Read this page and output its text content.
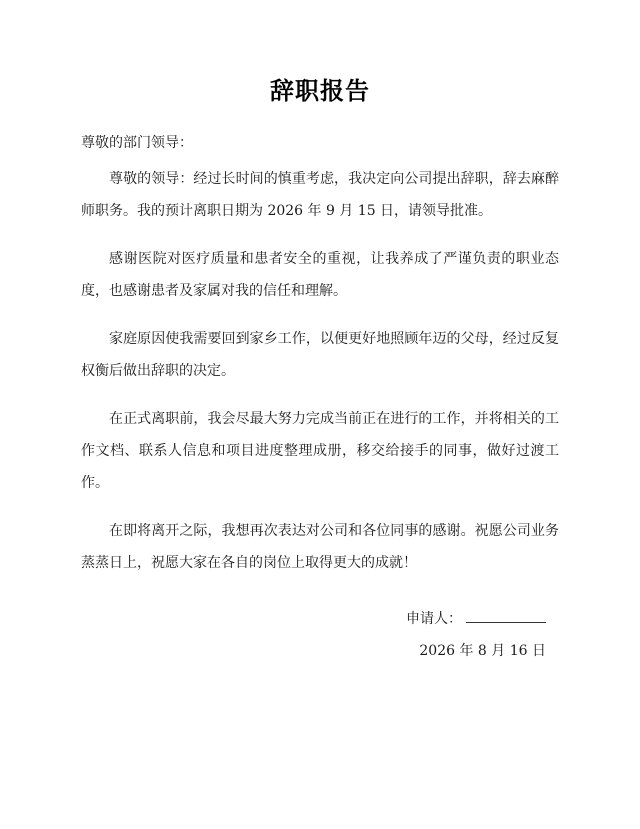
辞职报告
尊敬的部门领导：

尊敬的领导：经过长时间的慎重考虑，我决定向公司提出辞职，辞去麻醉师职务。我的预计离职日期为 2026 年 9 月 15 日，请领导批准。

感谢医院对医疗质量和患者安全的重视，让我养成了严谨负责的职业态度，也感谢患者及家属对我的信任和理解。

家庭原因使我需要回到家乡工作，以便更好地照顾年迈的父母，经过反复权衡后做出辞职的决定。

在正式离职前，我会尽最大努力完成当前正在进行的工作，并将相关的工作文档、联系人信息和项目进度整理成册，移交给接手的同事，做好过渡工作。

在即将离开之际，我想再次表达对公司和各位同事的感谢。祝愿公司业务蒸蒸日上，祝愿大家在各自的岗位上取得更大的成就！

申请人：
2026 年 8 月 16 日
